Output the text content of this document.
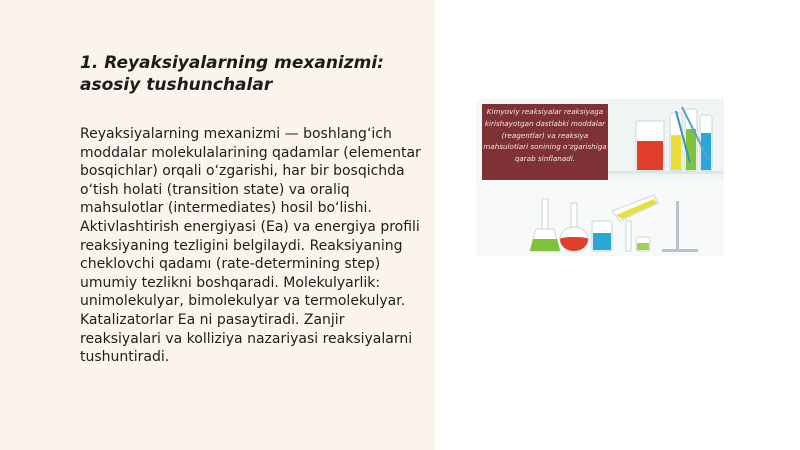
1. Reyaksiyalarning mexanizmi: asosiy tushunchalar

Reyaksiyalarning mexanizmi — boshlang‘ich moddalar molekulalarining qadamlar (elementar bosqichlar) orqali o‘zgarishi, har bir bosqichda o‘tish holati (transition state) va oraliq mahsulotlar (intermediates) hosil bo‘lishi. Aktivlashtirish energiyasi (Ea) va energiya profili reaksiyaning tezligini belgilaydi. Reaksiyaning cheklovchi qadamı (rate-determining step) umumiy tezlikni boshqaradi. Molekulyarlik: unimolekulyar, bimolekulyar va termolekulyar. Katalizatorlar Ea ni pasaytiradi. Zanjir reaksiyalari va kolliziya nazariyasi reaksiyalarni tushuntiradi.

Kimyoviy reaksiyalar reaksiyaga kirishayotgan dastlabki moddalar (reagentlar) va reaksiya mahsulotlari sonining o‘zgarishiga qarab sinflanadi.
